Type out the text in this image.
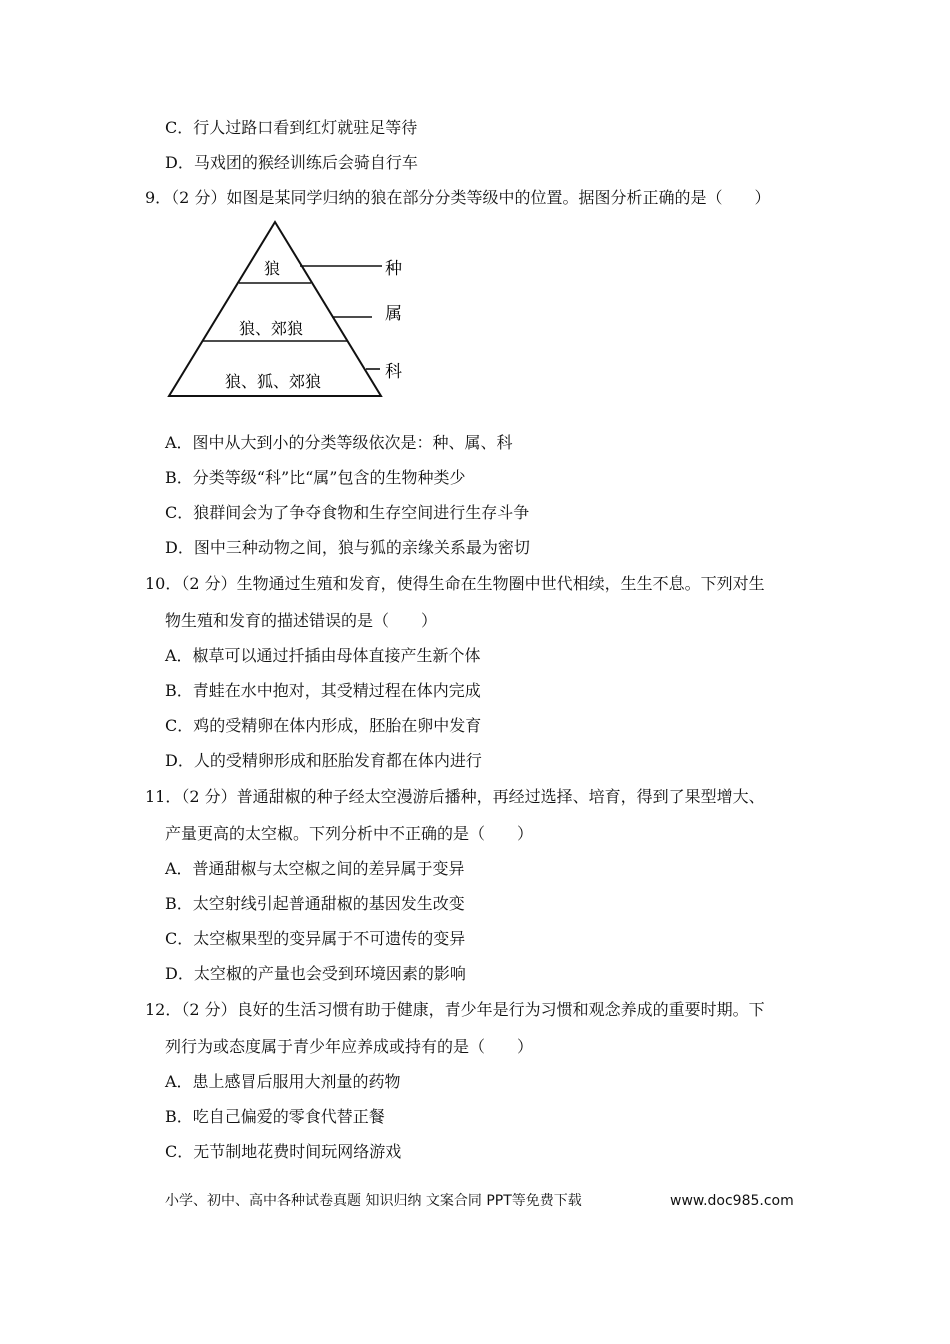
C．行人过路口看到红灯就驻足等待
D．马戏团的猴经训练后会骑自行车
9．（2 分）如图是某同学归纳的狼在部分分类等级中的位置。据图分析正确的是（　　）
狼
狼、郊狼
狼、狐、郊狼
种
属
科
A．图中从大到小的分类等级依次是：种、属、科
B．分类等级“科”比“属”包含的生物种类少
C．狼群间会为了争夺食物和生存空间进行生存斗争
D．图中三种动物之间，狼与狐的亲缘关系最为密切
10．（2 分）生物通过生殖和发育，使得生命在生物圈中世代相续，生生不息。下列对生
物生殖和发育的描述错误的是（　　）
A．椒草可以通过扦插由母体直接产生新个体
B．青蛙在水中抱对，其受精过程在体内完成
C．鸡的受精卵在体内形成，胚胎在卵中发育
D．人的受精卵形成和胚胎发育都在体内进行
11．（2 分）普通甜椒的种子经太空漫游后播种，再经过选择、培育，得到了果型增大、
产量更高的太空椒。下列分析中不正确的是（　　）
A．普通甜椒与太空椒之间的差异属于变异
B．太空射线引起普通甜椒的基因发生改变
C．太空椒果型的变异属于不可遗传的变异
D．太空椒的产量也会受到环境因素的影响
12．（2 分）良好的生活习惯有助于健康，青少年是行为习惯和观念养成的重要时期。下
列行为或态度属于青少年应养成或持有的是（　　）
A．患上感冒后服用大剂量的药物
B．吃自己偏爱的零食代替正餐
C．无节制地花费时间玩网络游戏
小学、初中、高中各种试卷真题 知识归纳 文案合同 PPT等免费下载	www.doc985.com
